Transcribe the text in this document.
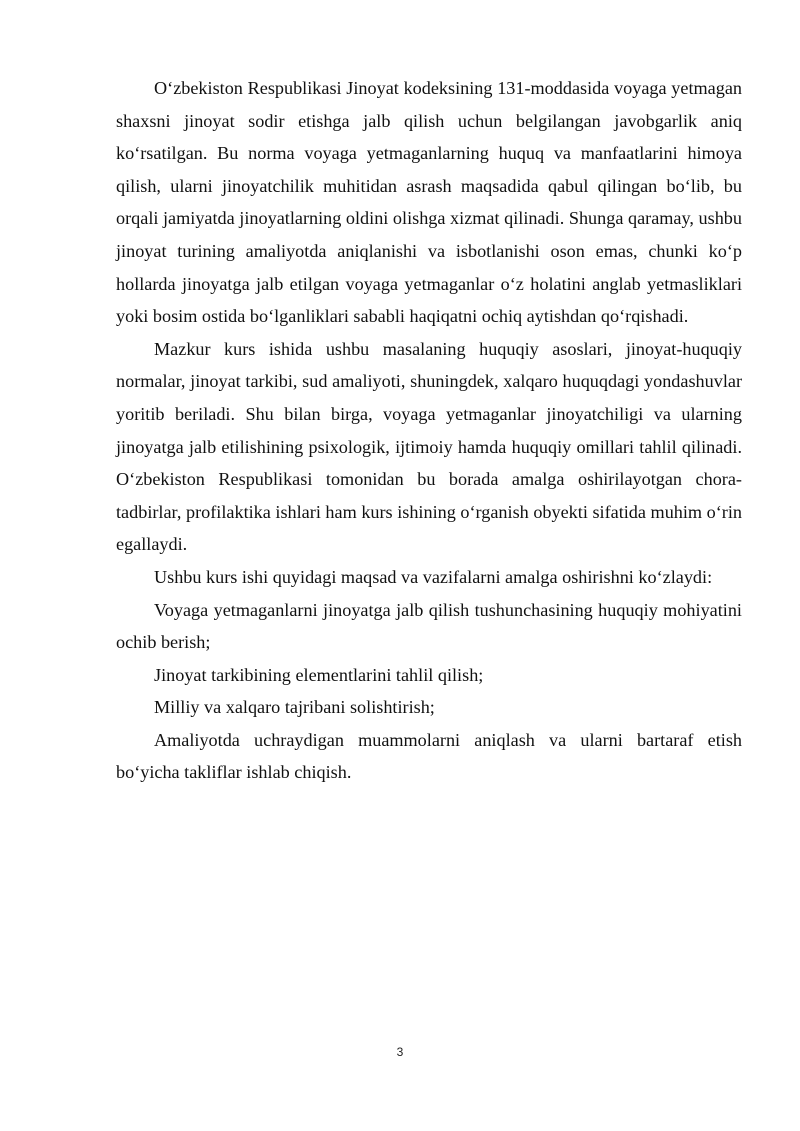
O‘zbekiston Respublikasi Jinoyat kodeksining 131-moddasida voyaga yetmagan shaxsni jinoyat sodir etishga jalb qilish uchun belgilangan javobgarlik aniq ko‘rsatilgan. Bu norma voyaga yetmaganlarning huquq va manfaatlarini himoya qilish, ularni jinoyatchilik muhitidan asrash maqsadida qabul qilingan bo‘lib, bu orqali jamiyatda jinoyatlarning oldini olishga xizmat qilinadi. Shunga qaramay, ushbu jinoyat turining amaliyotda aniqlanishi va isbotlanishi oson emas, chunki ko‘p hollarda jinoyatga jalb etilgan voyaga yetmaganlar o‘z holatini anglab yetmasliklari yoki bosim ostida bo‘lganliklari sababli haqiqatni ochiq aytishdan qo‘rqishadi.

Mazkur kurs ishida ushbu masalaning huquqiy asoslari, jinoyat-huquqiy normalar, jinoyat tarkibi, sud amaliyoti, shuningdek, xalqaro huquqdagi yondashuvlar yoritib beriladi. Shu bilan birga, voyaga yetmaganlar jinoyatchiligi va ularning jinoyatga jalb etilishining psixologik, ijtimoiy hamda huquqiy omillari tahlil qilinadi. O‘zbekiston Respublikasi tomonidan bu borada amalga oshirilayotgan chora-tadbirlar, profilaktika ishlari ham kurs ishining o‘rganish obyekti sifatida muhim o‘rin egallaydi.

Ushbu kurs ishi quyidagi maqsad va vazifalarni amalga oshirishni ko‘zlaydi:

Voyaga yetmaganlarni jinoyatga jalb qilish tushunchasining huquqiy mohiyatini ochib berish;

Jinoyat tarkibining elementlarini tahlil qilish;

Milliy va xalqaro tajribani solishtirish;

Amaliyotda uchraydigan muammolarni aniqlash va ularni bartaraf etish bo‘yicha takliflar ishlab chiqish.

3
